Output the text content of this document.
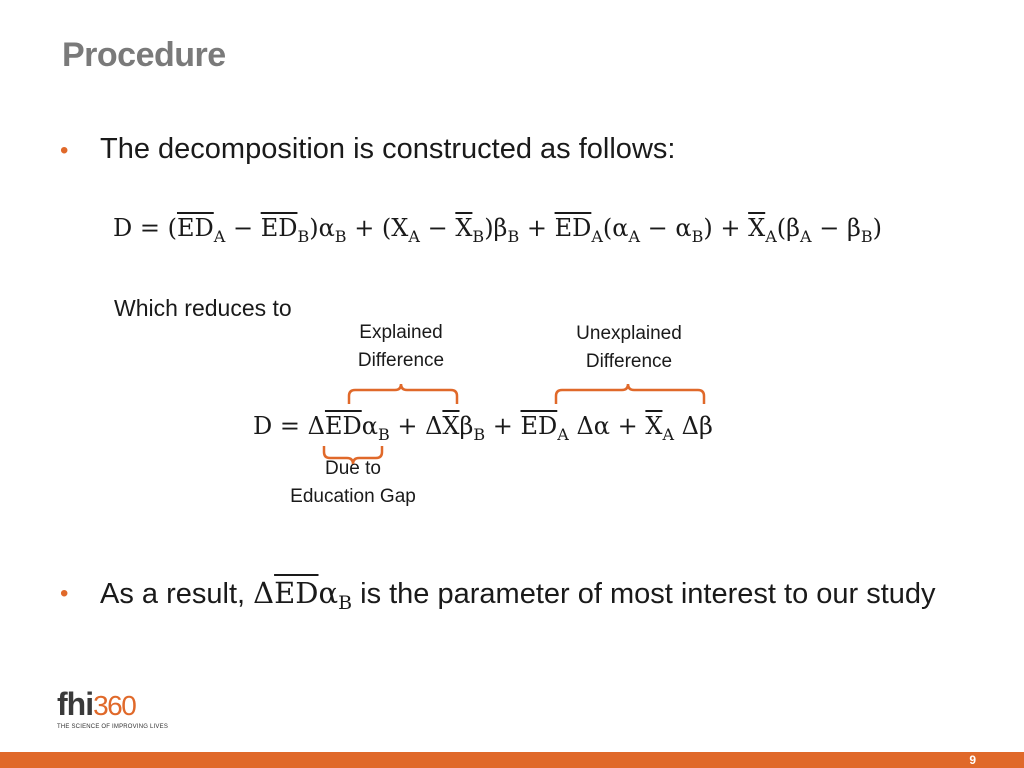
Procedure
• The decomposition is constructed as follows:
$D = (\overline{ED}_A - \overline{ED}_B)\alpha_B + (X_A - \overline{X}_B)\beta_B + \overline{ED}_A(\alpha_A - \alpha_B) + \overline{X}_A(\beta_A - \beta_B)$
Which reduces to
Explained
Difference
Unexplained
Difference
Due to
Education Gap
$D = \Delta\overline{ED}\alpha_B + \Delta\overline{X}\beta_B + \overline{ED}_A$ $\Delta\alpha + \overline{X}_A$ Δβ
• As a result, $\Delta\overline{ED}\alpha_B$ is the parameter of most interest to our study
fhi360
THE SCIENCE OF IMPROVING LIVES
9
